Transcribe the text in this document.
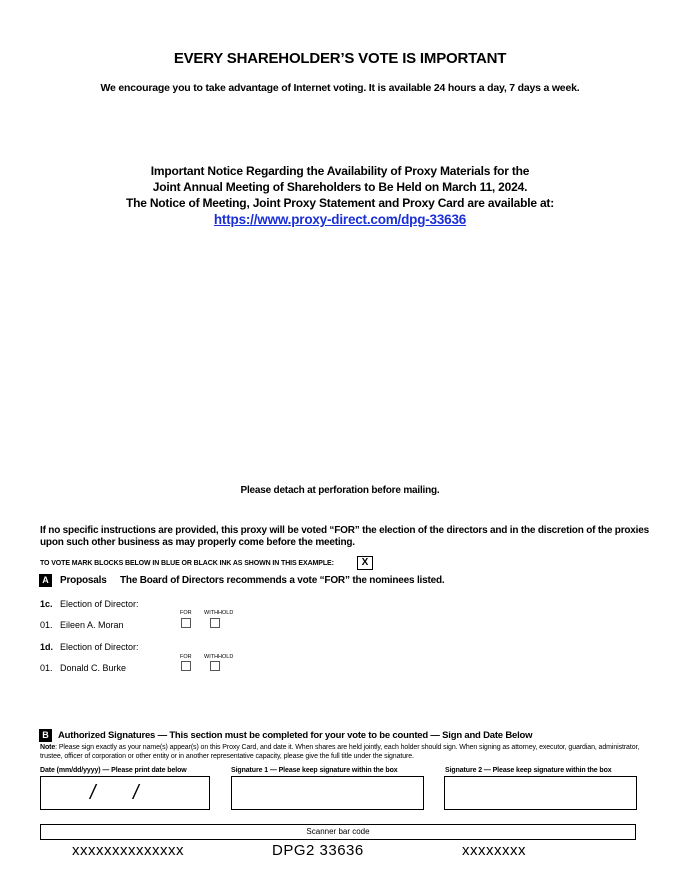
EVERY SHAREHOLDER’S VOTE IS IMPORTANT
We encourage you to take advantage of Internet voting. It is available 24 hours a day, 7 days a week.
Important Notice Regarding the Availability of Proxy Materials for the
Joint Annual Meeting of Shareholders to Be Held on March 11, 2024.
The Notice of Meeting, Joint Proxy Statement and Proxy Card are available at:
https://www.proxy-direct.com/dpg-33636
Please detach at perforation before mailing.
If no specific instructions are provided, this proxy will be voted “FOR” the election of the directors and in the discretion of the proxies upon such other business as may properly come before the meeting.
TO VOTE MARK BLOCKS BELOW IN BLUE OR BLACK INK AS SHOWN IN THIS EXAMPLE:	X
A	Proposals The Board of Directors recommends a vote “FOR” the nominees listed.
1c. Election of Director:
FOR WITHHOLD
01. Eileen A. Moran
1d. Election of Director:
FOR WITHHOLD
01. Donald C. Burke
B Authorized Signatures — This section must be completed for your vote to be counted — Sign and Date Below
Note: Please sign exactly as your name(s) appear(s) on this Proxy Card, and date it. When shares are held jointly, each holder should sign. When signing as attorney, executor, guardian, administrator, trustee, officer of corporation or other entity or in another representative capacity, please give the full title under the signature.
Date (mm/dd/yyyy) — Please print date below	Signature 1 — Please keep signature within the box	Signature 2 — Please keep signature within the box
/ /
Scanner bar code
xxxxxxxxxxxxxx	DPG2 33636	xxxxxxxx
